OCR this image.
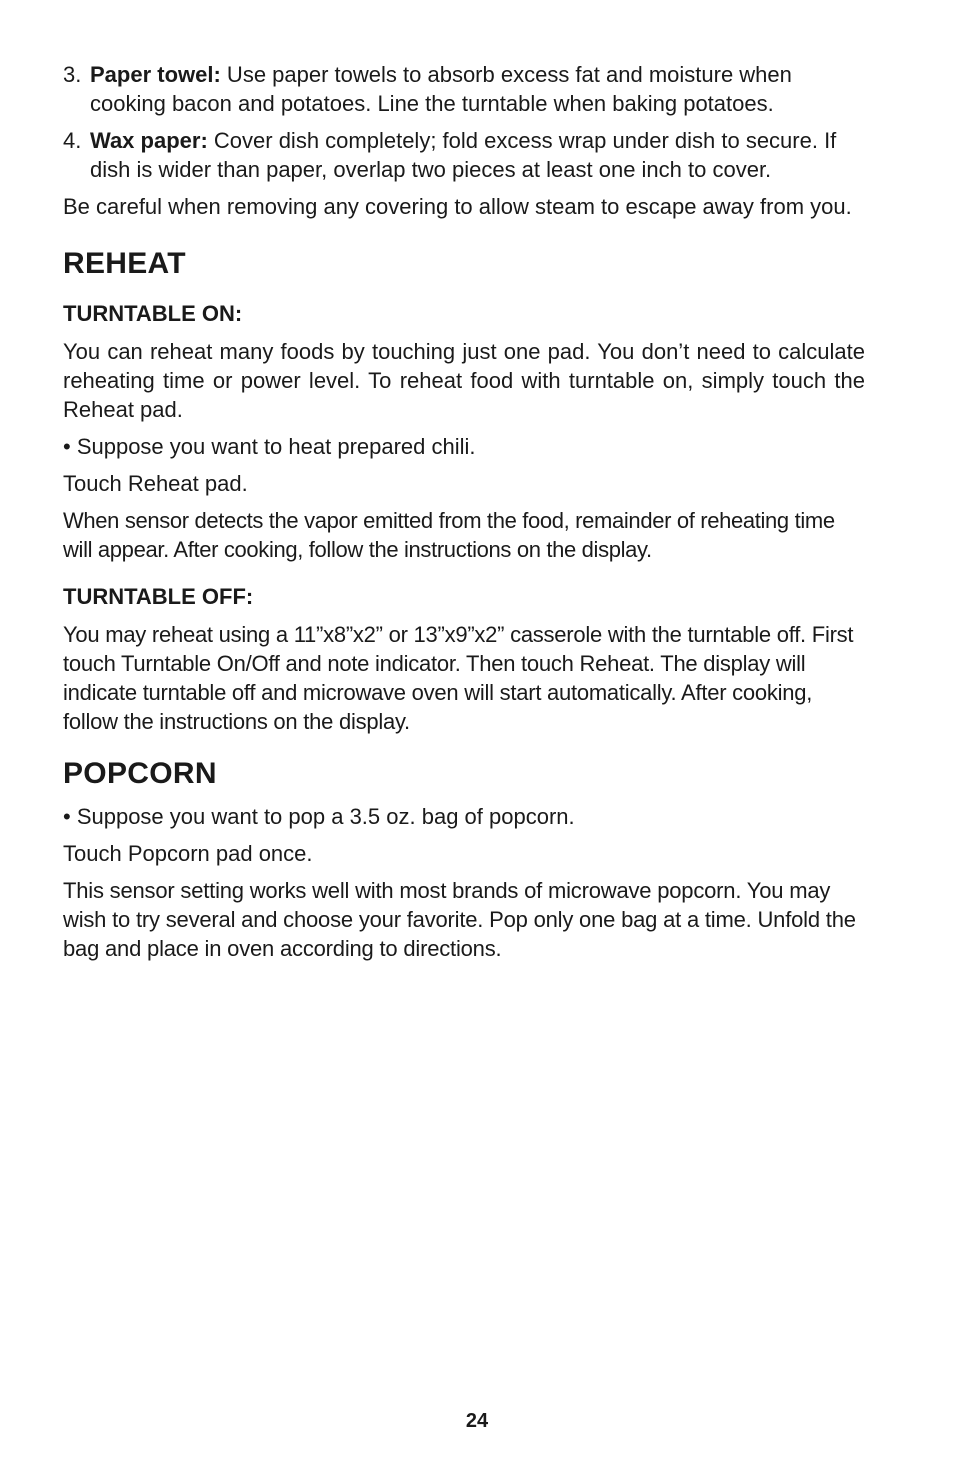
3. Paper towel: Use paper towels to absorb excess fat and moisture when cooking bacon and potatoes. Line the turntable when baking potatoes.
4. Wax paper: Cover dish completely; fold excess wrap under dish to secure. If dish is wider than paper, overlap two pieces at least one inch to cover.

Be careful when removing any covering to allow steam to escape away from you.

REHEAT
TURNTABLE ON:

You can reheat many foods by touching just one pad. You don’t need to calculate reheating time or power level. To reheat food with turntable on, simply touch the Reheat pad.

• Suppose you want to heat prepared chili.

Touch Reheat pad.

When sensor detects the vapor emitted from the food, remainder of reheating time will appear. After cooking, follow the instructions on the display.

TURNTABLE OFF:

You may reheat using a 11”x8”x2” or 13”x9”x2” casserole with the turntable off. First touch Turntable On/Off and note indicator. Then touch Reheat. The display will indicate turntable off and microwave oven will start automatically. After cooking, follow the instructions on the display.

POPCORN

• Suppose you want to pop a 3.5 oz. bag of popcorn.

Touch Popcorn pad once.

This sensor setting works well with most brands of microwave popcorn. You may wish to try several and choose your favorite. Pop only one bag at a time. Unfold the bag and place in oven according to directions.

24
